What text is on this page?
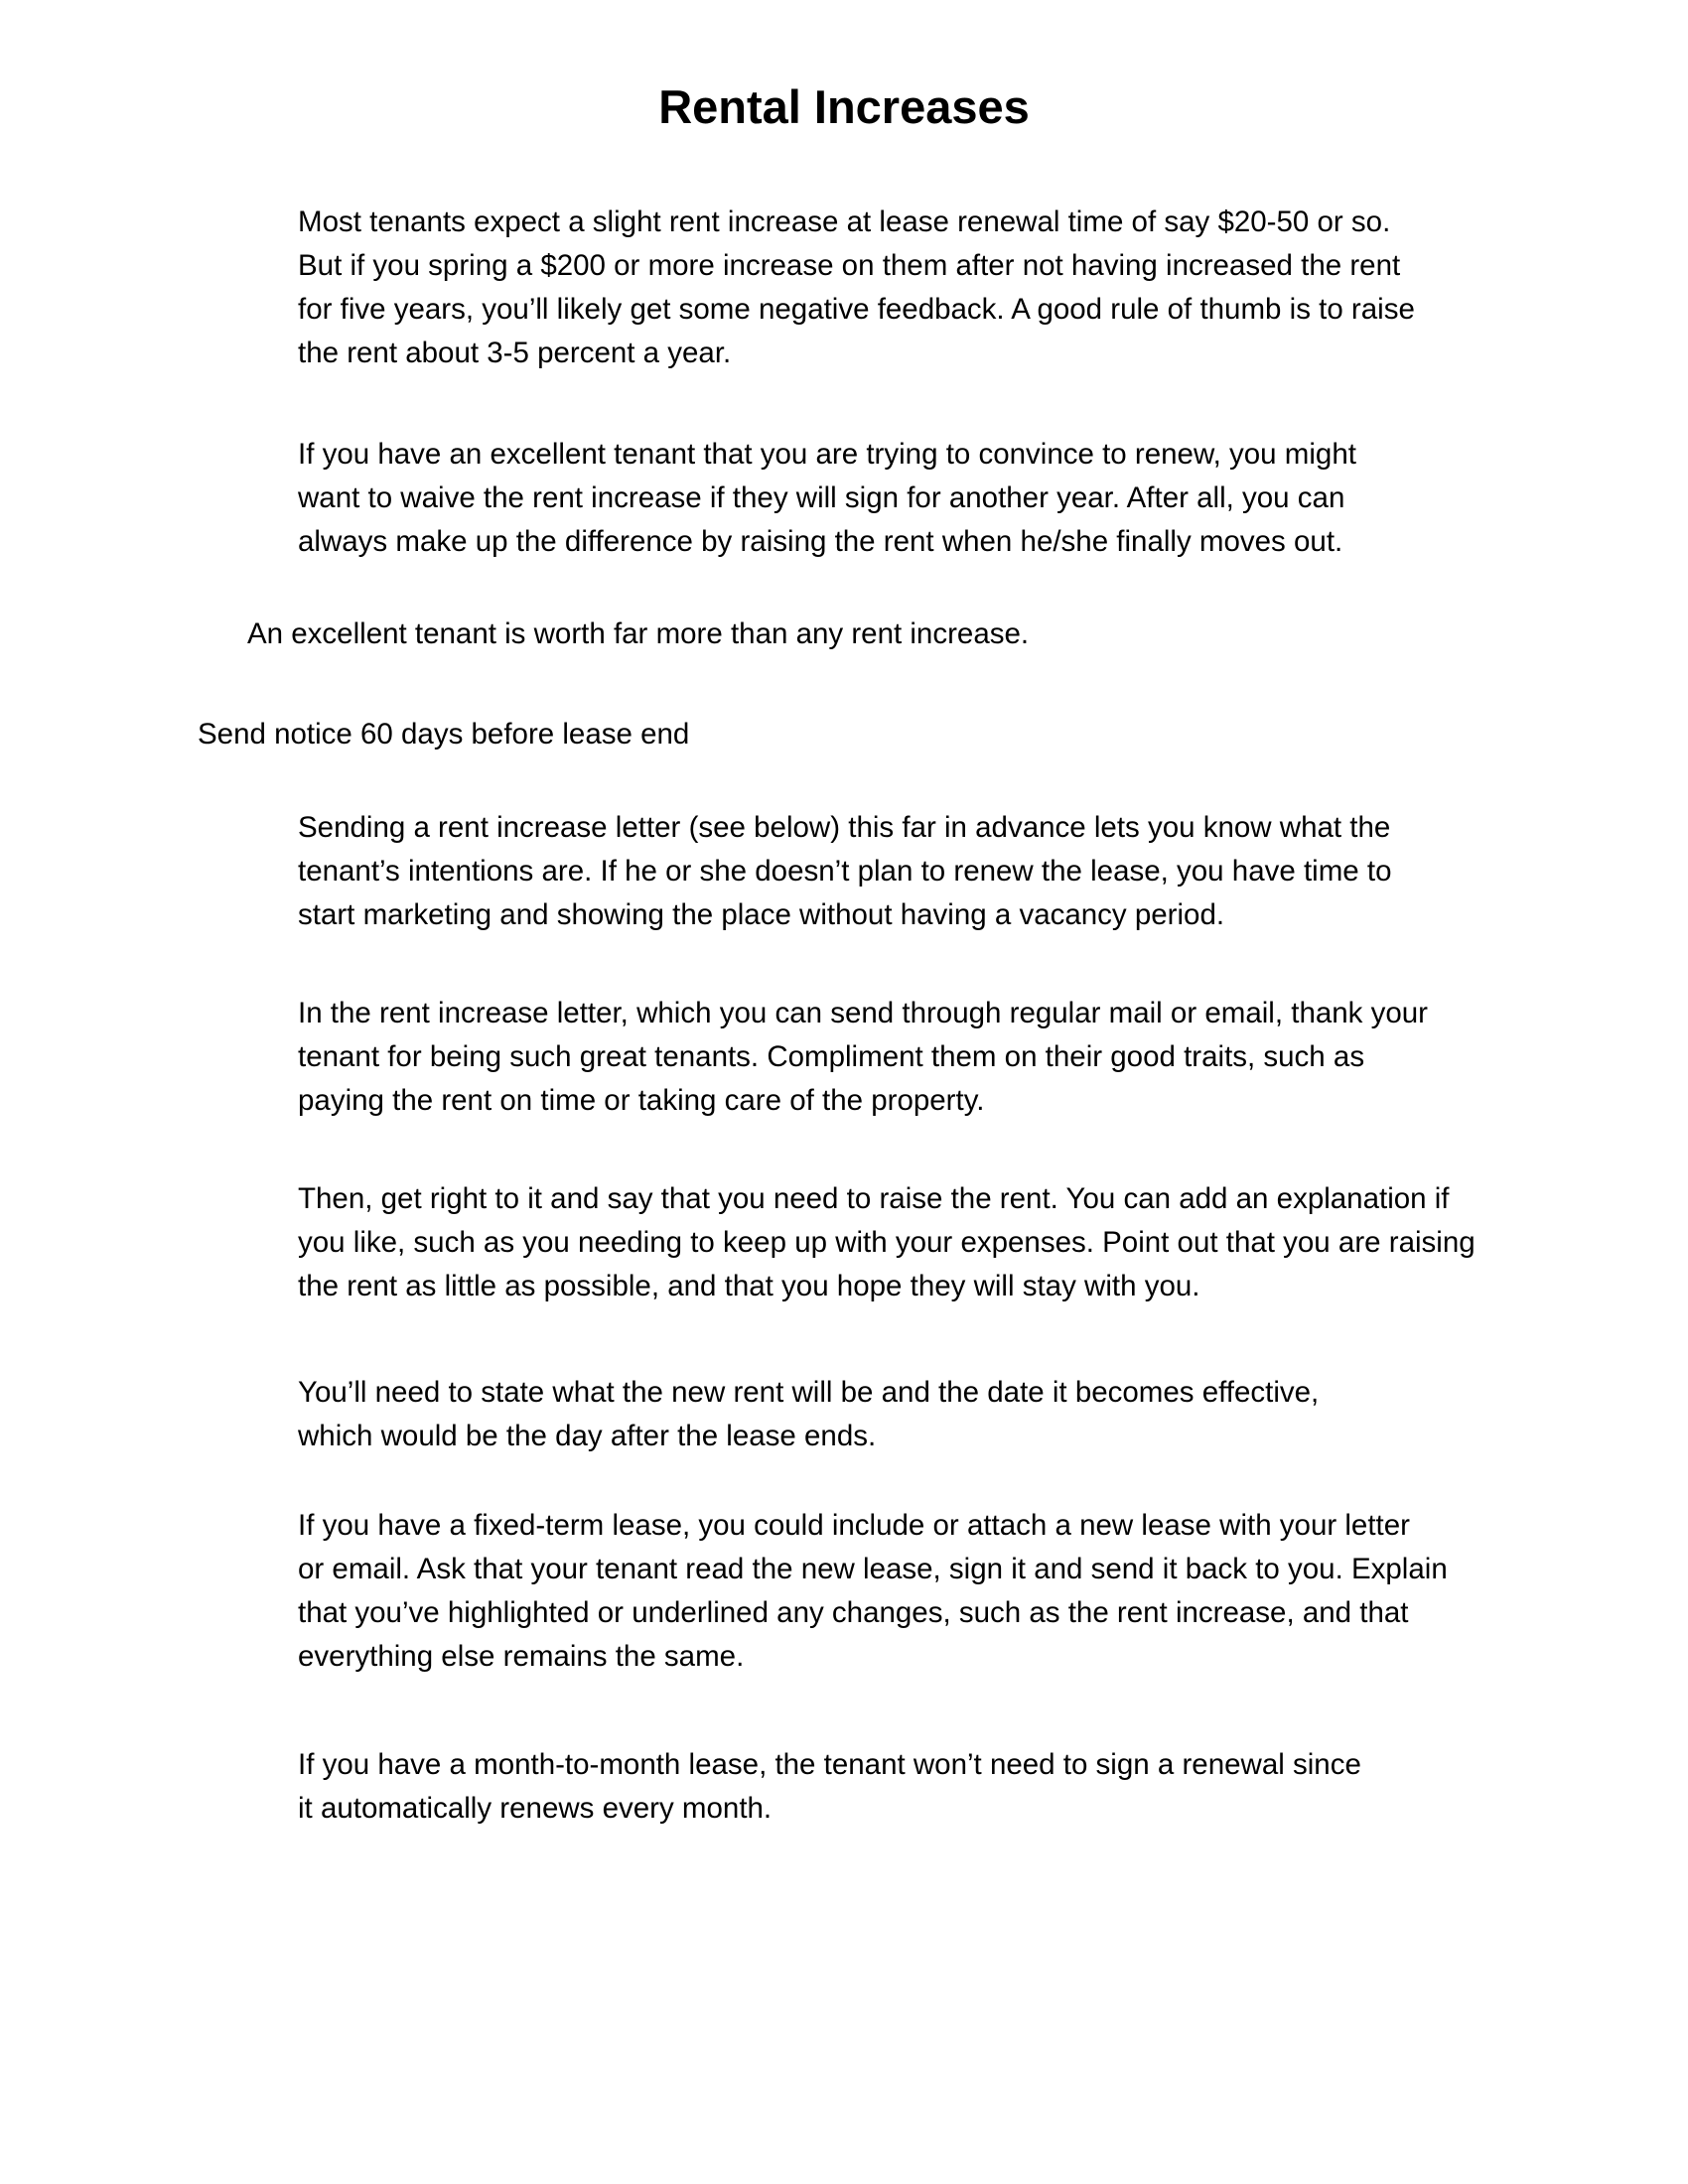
Rental Increases

Most tenants expect a slight rent increase at lease renewal time of say $20-50 or so.
But if you spring a $200 or more increase on them after not having increased the rent
for five years, you’ll likely get some negative feedback. A good rule of thumb is to raise
the rent about 3-5 percent a year.

If you have an excellent tenant that you are trying to convince to renew, you might
want to waive the rent increase if they will sign for another year. After all, you can
always make up the difference by raising the rent when he/she finally moves out.

An excellent tenant is worth far more than any rent increase.

Send notice 60 days before lease end

Sending a rent increase letter (see below) this far in advance lets you know what the
tenant’s intentions are. If he or she doesn’t plan to renew the lease, you have time to
start marketing and showing the place without having a vacancy period.

In the rent increase letter, which you can send through regular mail or email, thank your
tenant for being such great tenants. Compliment them on their good traits, such as
paying the rent on time or taking care of the property.

Then, get right to it and say that you need to raise the rent. You can add an explanation if
you like, such as you needing to keep up with your expenses. Point out that you are raising
the rent as little as possible, and that you hope they will stay with you.

You’ll need to state what the new rent will be and the date it becomes effective,
which would be the day after the lease ends.

If you have a fixed-term lease, you could include or attach a new lease with your letter
or email. Ask that your tenant read the new lease, sign it and send it back to you. Explain
that you’ve highlighted or underlined any changes, such as the rent increase, and that
everything else remains the same.

If you have a month-to-month lease, the tenant won’t need to sign a renewal since
it automatically renews every month.
